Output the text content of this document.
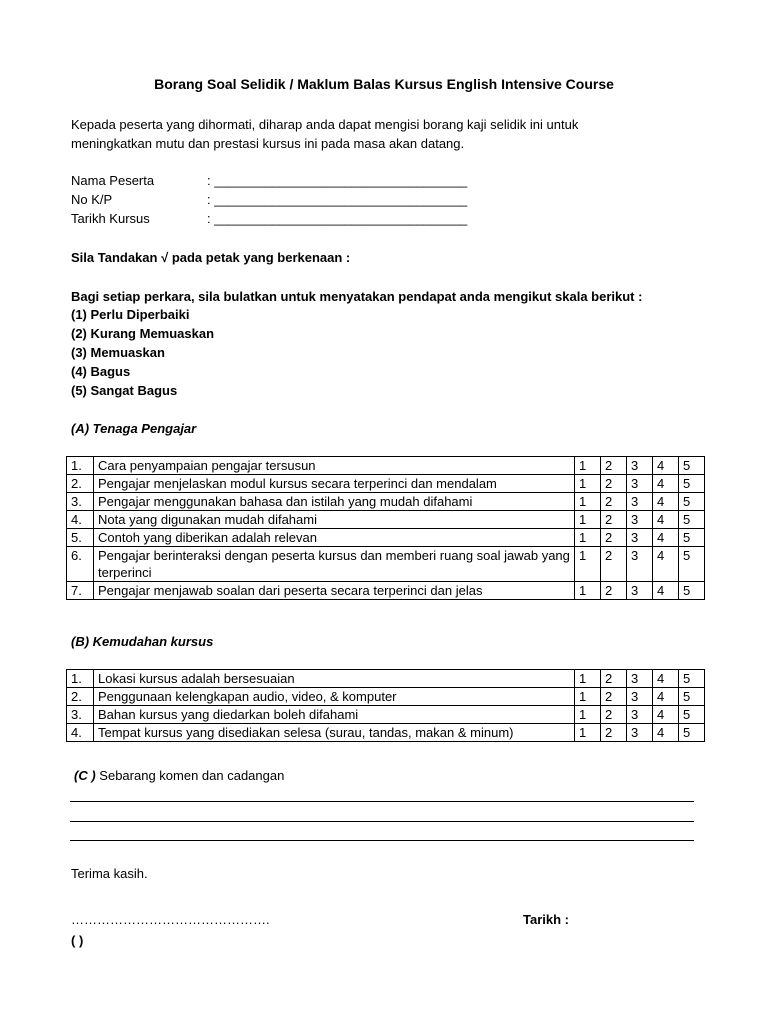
Borang Soal Selidik / Maklum Balas Kursus English Intensive Course
Kepada peserta yang dihormati, diharap anda dapat mengisi borang kaji selidik ini untuk
meningkatkan mutu dan prestasi kursus ini pada masa akan datang.
Nama Peserta	: ___________________________________
No K/P	: ___________________________________
Tarikh Kursus	: ___________________________________
Sila Tandakan √ pada petak yang berkenaan :
Bagi setiap perkara, sila bulatkan untuk menyatakan pendapat anda mengikut skala berikut :
(1) Perlu Diperbaiki
(2) Kurang Memuaskan
(3) Memuaskan
(4) Bagus
(5) Sangat Bagus
(A) Tenaga Pengajar
1.	Cara penyampaian pengajar tersusun	1	2	3	4	5
2.	Pengajar menjelaskan modul kursus secara terperinci dan mendalam	1	2	3	4	5
3.	Pengajar menggunakan bahasa dan istilah yang mudah difahami	1	2	3	4	5
4.	Nota yang digunakan mudah difahami	1	2	3	4	5
5.	Contoh yang diberikan adalah relevan	1	2	3	4	5
6.	Pengajar berinteraksi dengan peserta kursus dan memberi ruang soal jawab yang terperinci	1	2	3	4	5
7.	Pengajar menjawab soalan dari peserta secara terperinci dan jelas	1	2	3	4	5
(B) Kemudahan kursus
1.	Lokasi kursus adalah bersesuaian	1	2	3	4	5
2.	Penggunaan kelengkapan audio, video, & komputer	1	2	3	4	5
3.	Bahan kursus yang diedarkan boleh difahami	1	2	3	4	5
4.	Tempat kursus yang disediakan selesa (surau, tandas, makan & minum)	1	2	3	4	5
(C ) Sebarang komen dan cadangan
Terima kasih.
……………………………………….
( )
Tarikh :
